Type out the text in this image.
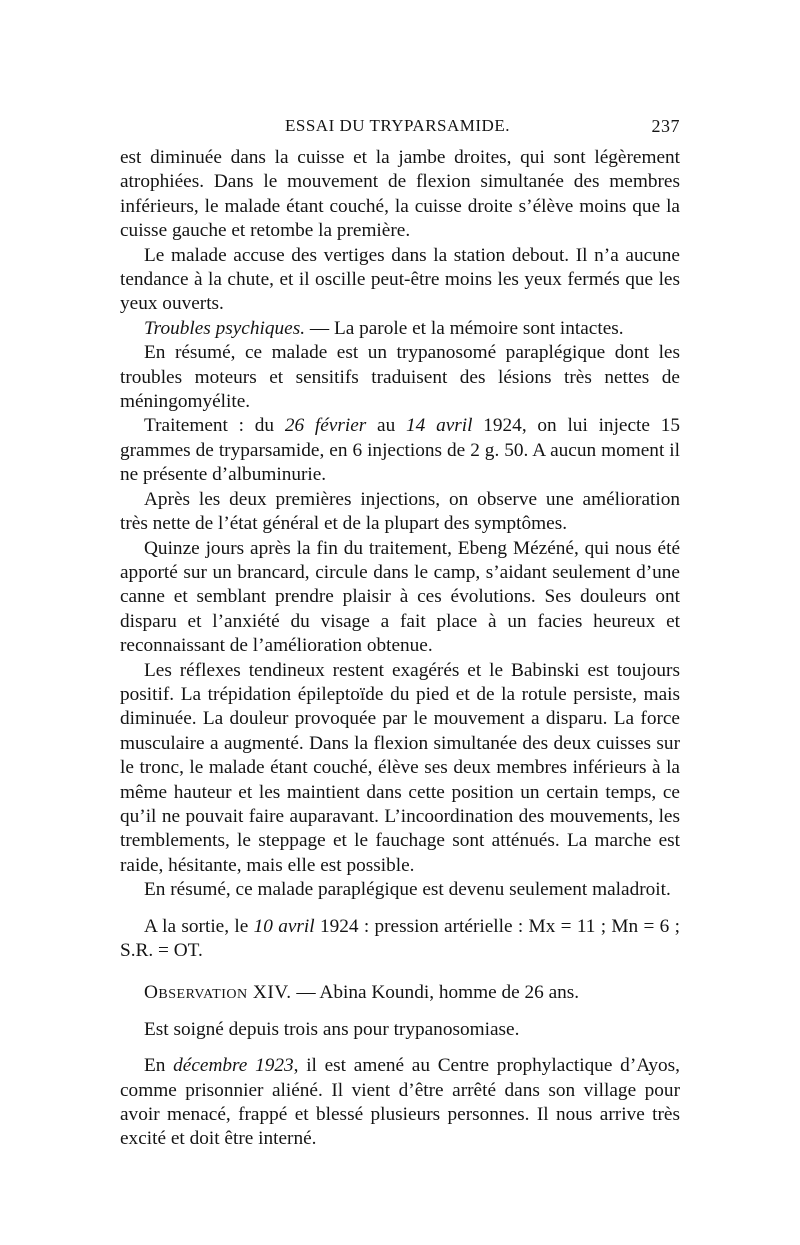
ESSAI DU TRYPARSAMIDE.	237

est diminuée dans la cuisse et la jambe droites, qui sont légèrement atrophiées. Dans le mouvement de flexion simultanée des membres inférieurs, le malade étant couché, la cuisse droite s’élève moins que la cuisse gauche et retombe la première.

Le malade accuse des vertiges dans la station debout. Il n’a aucune tendance à la chute, et il oscille peut-être moins les yeux fermés que les yeux ouverts.

Troubles psychiques. — La parole et la mémoire sont intactes.

En résumé, ce malade est un trypanosomé paraplégique dont les troubles moteurs et sensitifs traduisent des lésions très nettes de méningomyélite.

Traitement : du 26 février au 14 avril 1924, on lui injecte 15 grammes de tryparsamide, en 6 injections de 2 g. 50. A aucun moment il ne présente d’albuminurie.

Après les deux premières injections, on observe une amélioration très nette de l’état général et de la plupart des symptômes.

Quinze jours après la fin du traitement, Ebeng Mézéné, qui nous été apporté sur un brancard, circule dans le camp, s’aidant seulement d’une canne et semblant prendre plaisir à ces évolutions. Ses douleurs ont disparu et l’anxiété du visage a fait place à un facies heureux et reconnaissant de l’amélioration obtenue.

Les réflexes tendineux restent exagérés et le Babinski est toujours positif. La trépidation épileptoïde du pied et de la rotule persiste, mais diminuée. La douleur provoquée par le mouvement a disparu. La force musculaire a augmenté. Dans la flexion simultanée des deux cuisses sur le tronc, le malade étant couché, élève ses deux membres inférieurs à la même hauteur et les maintient dans cette position un certain temps, ce qu’il ne pouvait faire auparavant. L’incoordination des mouvements, les tremblements, le steppage et le fauchage sont atténués. La marche est raide, hésitante, mais elle est possible.

En résumé, ce malade paraplégique est devenu seulement maladroit.

A la sortie, le 10 avril 1924 : pression artérielle : Mx = 11 ; Mn = 6 ; S.R. = OT.

Observation XIV. — Abina Koundi, homme de 26 ans.

Est soigné depuis trois ans pour trypanosomiase.

En décembre 1923, il est amené au Centre prophylactique d’Ayos, comme prisonnier aliéné. Il vient d’être arrêté dans son village pour avoir menacé, frappé et blessé plusieurs personnes. Il nous arrive très excité et doit être interné.
